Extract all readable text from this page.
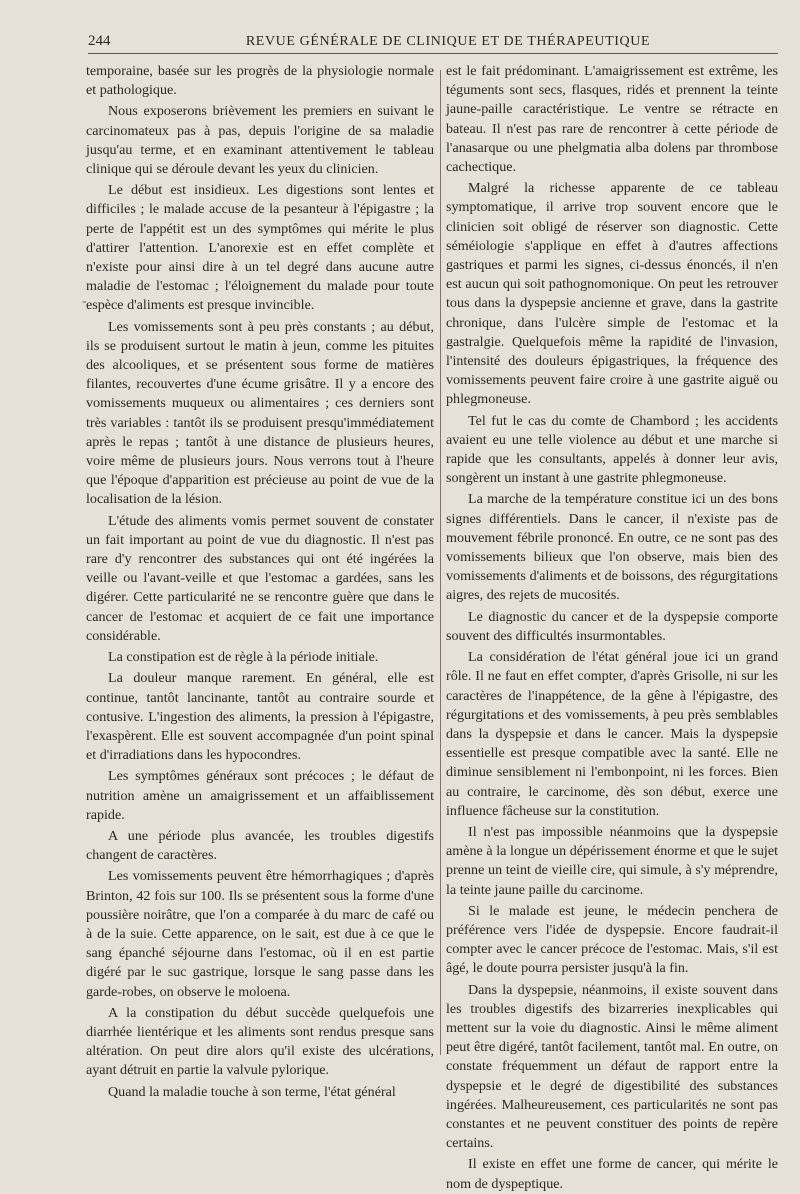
244	REVUE GÉNÉRALE DE CLINIQUE ET DE THÉRAPEUTIQUE
-

temporaine, basée sur les progrès de la physiologie normale et pathologique.

Nous exposerons brièvement les premiers en suivant le carcinomateux pas à pas, depuis l'origine de sa maladie jusqu'au terme, et en examinant attentivement le tableau clinique qui se déroule devant les yeux du clinicien.

Le début est insidieux. Les digestions sont lentes et difficiles ; le malade accuse de la pesanteur à l'épigastre ; la perte de l'appétit est un des symptômes qui mérite le plus d'attirer l'attention. L'anorexie est en effet complète et n'existe pour ainsi dire à un tel degré dans aucune autre maladie de l'estomac ; l'éloignement du malade pour toute espèce d'aliments est presque invincible.

Les vomissements sont à peu près constants ; au début, ils se produisent surtout le matin à jeun, comme les pituites des alcooliques, et se présentent sous forme de matières filantes, recouvertes d'une écume grisâtre. Il y a encore des vomissements muqueux ou alimentaires ; ces derniers sont très variables : tantôt ils se produisent presqu'immédiatement après le repas ; tantôt à une distance de plusieurs heures, voire même de plusieurs jours. Nous verrons tout à l'heure que l'époque d'apparition est précieuse au point de vue de la localisation de la lésion.

L'étude des aliments vomis permet souvent de constater un fait important au point de vue du diagnostic. Il n'est pas rare d'y rencontrer des substances qui ont été ingérées la veille ou l'avant-veille et que l'estomac a gardées, sans les digérer. Cette particularité ne se rencontre guère que dans le cancer de l'estomac et acquiert de ce fait une importance considérable.

La constipation est de règle à la période initiale.

La douleur manque rarement. En général, elle est continue, tantôt lancinante, tantôt au contraire sourde et contusive. L'ingestion des aliments, la pression à l'épigastre, l'exaspèrent. Elle est souvent accompagnée d'un point spinal et d'irradiations dans les hypocondres.

Les symptômes généraux sont précoces ; le défaut de nutrition amène un amaigrissement et un affaiblissement rapide.

A une période plus avancée, les troubles digestifs changent de caractères.

Les vomissements peuvent être hémorrhagiques ; d'après Brinton, 42 fois sur 100. Ils se présentent sous la forme d'une poussière noirâtre, que l'on a comparée à du marc de café ou à de la suie. Cette apparence, on le sait, est due à ce que le sang épanché séjourne dans l'estomac, où il en est partie digéré par le suc gastrique, lorsque le sang passe dans les garde-robes, on observe le moloena.

A la constipation du début succède quelquefois une diarrhée lientérique et les aliments sont rendus presque sans altération. On peut dire alors qu'il existe des ulcérations, ayant détruit en partie la valvule pylorique.

Quand la maladie touche à son terme, l'état général

est le fait prédominant. L'amaigrissement est extrême, les téguments sont secs, flasques, ridés et prennent la teinte jaune-paille caractéristique. Le ventre se rétracte en bateau. Il n'est pas rare de rencontrer à cette période de l'anasarque ou une phelgmatia alba dolens par thrombose cachectique.

Malgré la richesse apparente de ce tableau symptomatique, il arrive trop souvent encore que le clinicien soit obligé de réserver son diagnostic. Cette séméiologie s'applique en effet à d'autres affections gastriques et parmi les signes, ci-dessus énoncés, il n'en est aucun qui soit pathognomonique. On peut les retrouver tous dans la dyspepsie ancienne et grave, dans la gastrite chronique, dans l'ulcère simple de l'estomac et la gastralgie. Quelquefois même la rapidité de l'invasion, l'intensité des douleurs épigastriques, la fréquence des vomissements peuvent faire croire à une gastrite aiguë ou phlegmoneuse.

Tel fut le cas du comte de Chambord ; les accidents avaient eu une telle violence au début et une marche si rapide que les consultants, appelés à donner leur avis, songèrent un instant à une gastrite phlegmoneuse.

La marche de la température constitue ici un des bons signes différentiels. Dans le cancer, il n'existe pas de mouvement fébrile prononcé. En outre, ce ne sont pas des vomissements bilieux que l'on observe, mais bien des vomissements d'aliments et de boissons, des régurgitations aigres, des rejets de mucosités.

Le diagnostic du cancer et de la dyspepsie comporte souvent des difficultés insurmontables.

La considération de l'état général joue ici un grand rôle. Il ne faut en effet compter, d'après Grisolle, ni sur les caractères de l'inappétence, de la gêne à l'épigastre, des régurgitations et des vomissements, à peu près semblables dans la dyspepsie et dans le cancer. Mais la dyspepsie essentielle est presque compatible avec la santé. Elle ne diminue sensiblement ni l'embonpoint, ni les forces. Bien au contraire, le carcinome, dès son début, exerce une influence fâcheuse sur la constitution.

Il n'est pas impossible néanmoins que la dyspepsie amène à la longue un dépérissement énorme et que le sujet prenne un teint de vieille cire, qui simule, à s'y méprendre, la teinte jaune paille du carcinome.

Si le malade est jeune, le médecin penchera de préférence vers l'idée de dyspepsie. Encore faudrait-il compter avec le cancer précoce de l'estomac. Mais, s'il est âgé, le doute pourra persister jusqu'à la fin.

Dans la dyspepsie, néanmoins, il existe souvent dans les troubles digestifs des bizarreries inexplicables qui mettent sur la voie du diagnostic. Ainsi le même aliment peut être digéré, tantôt facilement, tantôt mal. En outre, on constate fréquemment un défaut de rapport entre la dyspepsie et le degré de digestibilité des substances ingérées. Malheureusement, ces particularités ne sont pas constantes et ne peuvent constituer des points de repère certains.

Il existe en effet une forme de cancer, qui mérite le nom de dyspeptique.
